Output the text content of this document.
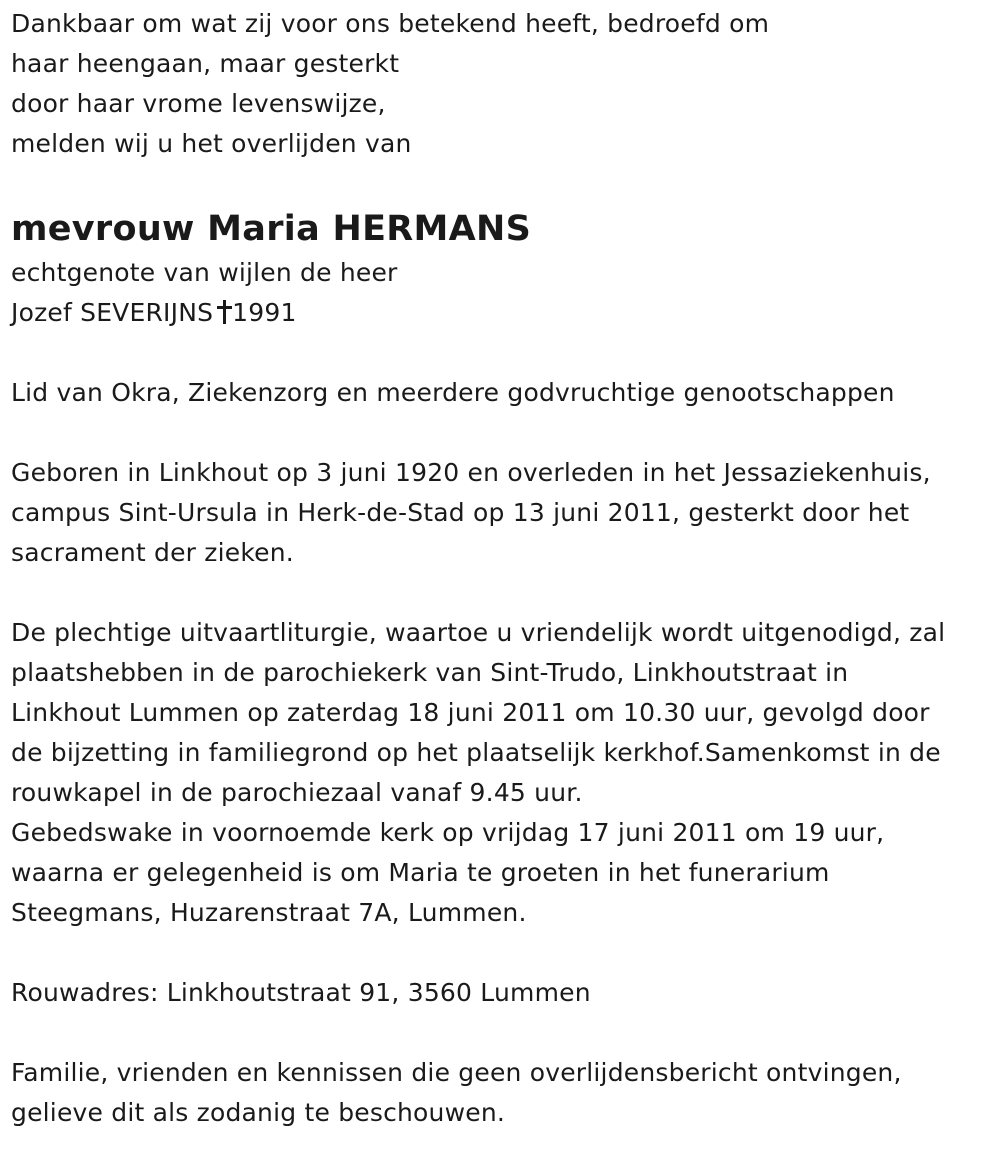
Dankbaar om wat zij voor ons betekend heeft, bedroefd om
haar heengaan, maar gesterkt
door haar vrome levenswijze,
melden wij u het overlijden van
mevrouw Maria HERMANS
echtgenote van wijlen de heer
Jozef SEVERIJNS 1991
Lid van Okra, Ziekenzorg en meerdere godvruchtige genootschappen
Geboren in Linkhout op 3 juni 1920 en overleden in het Jessaziekenhuis,
campus Sint-Ursula in Herk-de-Stad op 13 juni 2011, gesterkt door het
sacrament der zieken.
De plechtige uitvaartliturgie, waartoe u vriendelijk wordt uitgenodigd, zal
plaatshebben in de parochiekerk van Sint-Trudo, Linkhoutstraat in
Linkhout Lummen op zaterdag 18 juni 2011 om 10.30 uur, gevolgd door
de bijzetting in familiegrond op het plaatselijk kerkhof.Samenkomst in de
rouwkapel in de parochiezaal vanaf 9.45 uur.
Gebedswake in voornoemde kerk op vrijdag 17 juni 2011 om 19 uur,
waarna er gelegenheid is om Maria te groeten in het funerarium
Steegmans, Huzarenstraat 7A, Lummen.
Rouwadres: Linkhoutstraat 91, 3560 Lummen
Familie, vrienden en kennissen die geen overlijdensbericht ontvingen,
gelieve dit als zodanig te beschouwen.
